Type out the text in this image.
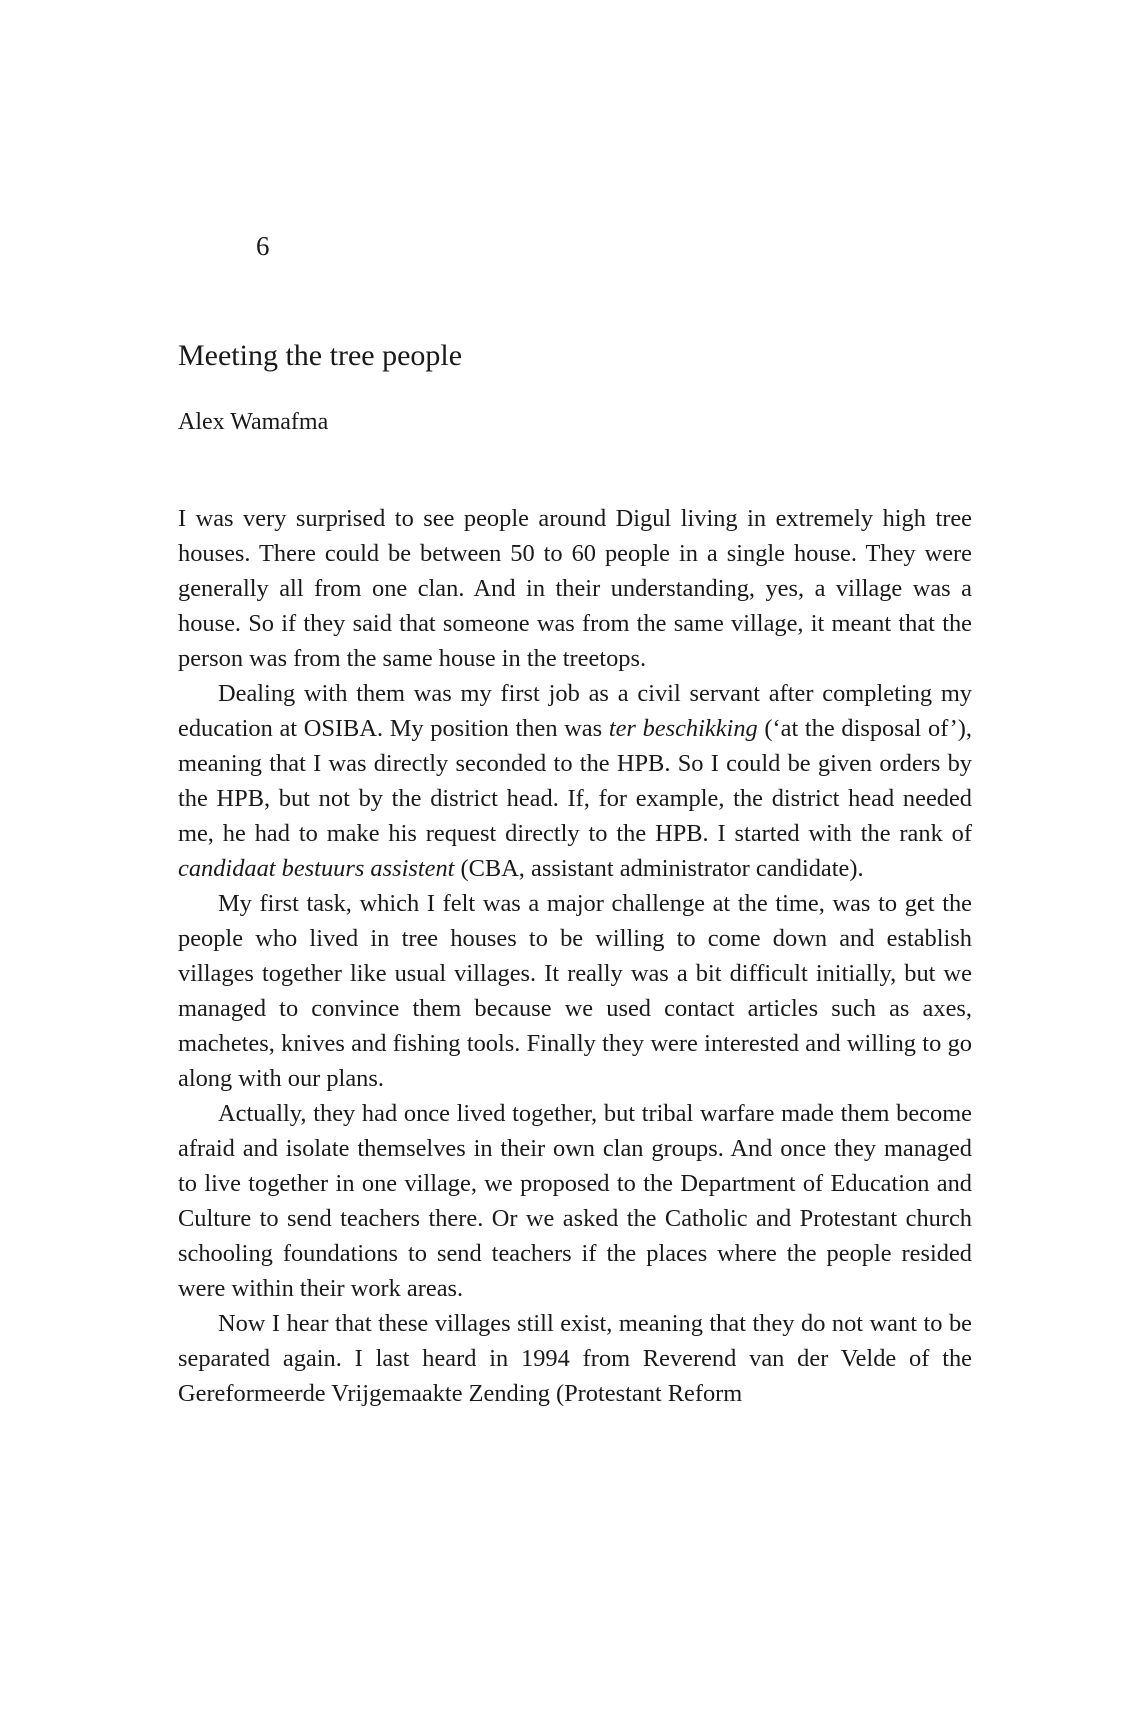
6
Meeting the tree people
Alex Wamafma

I was very surprised to see people around Digul living in extremely high tree houses. There could be between 50 to 60 people in a single house. They were generally all from one clan. And in their understanding, yes, a village was a house. So if they said that someone was from the same village, it meant that the person was from the same house in the treetops.

Dealing with them was my first job as a civil servant after completing my education at OSIBA. My position then was ter beschikking (‘at the disposal of’), meaning that I was directly seconded to the HPB. So I could be given orders by the HPB, but not by the district head. If, for example, the district head needed me, he had to make his request directly to the HPB. I started with the rank of candidaat bestuurs assistent (CBA, assistant administrator candidate).

My first task, which I felt was a major challenge at the time, was to get the people who lived in tree houses to be willing to come down and establish villages together like usual villages. It really was a bit difficult initially, but we managed to convince them because we used contact articles such as axes, machetes, knives and fishing tools. Finally they were interested and willing to go along with our plans.

Actually, they had once lived together, but tribal warfare made them become afraid and isolate themselves in their own clan groups. And once they managed to live together in one village, we proposed to the Department of Education and Culture to send teachers there. Or we asked the Catholic and Protestant church schooling foundations to send teachers if the places where the people resided were within their work areas.

Now I hear that these villages still exist, meaning that they do not want to be separated again. I last heard in 1994 from Reverend van der Velde of the Gereformeerde Vrijgemaakte Zending (Protestant Reform
